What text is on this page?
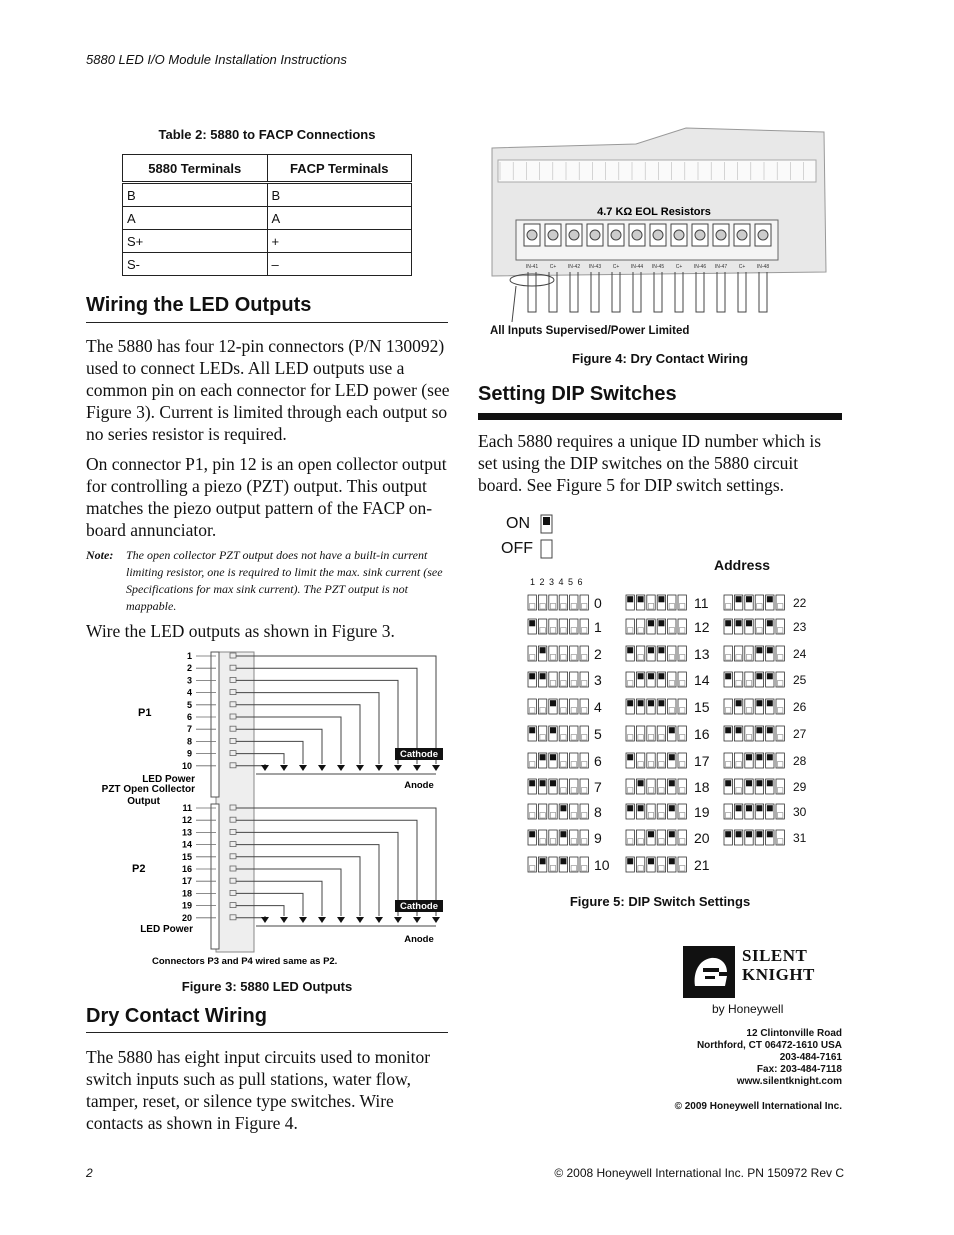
5880 LED I/O Module Installation Instructions
Table 2: 5880 to FACP Connections
5880 Terminals	FACP Terminals
B	B
A	A
S+	+
S-	–
Wiring the LED Outputs
The 5880 has four 12-pin connectors (P/N 130092) used to connect LEDs. All LED outputs use a common pin on each connector for LED power (see Figure 3). Current is limited through each output so no series resistor is required.
On connector P1, pin 12 is an open collector output for controlling a piezo (PZT) output. This output matches the piezo output pattern of the FACP on-board annunciator.
Note: The open collector PZT output does not have a built-in current limiting resistor, one is required to limit the max. sink current (see Specifications for max sink current). The PZT output is not mappable.
Wire the LED outputs as shown in Figure 3.
P1
P2
LED Power
PZT Open Collector
Output
LED Power
Cathode
Anode
Cathode
Anode
Connectors P3 and P4 wired same as P2.
1
2
3
4
5
6
7
8
9
10
11
12
13
14
15
16
17
18
19
20
Figure 3: 5880 LED Outputs
Dry Contact Wiring
The 5880 has eight input circuits used to monitor switch inputs such as pull stations, water flow, tamper, reset, or silence type switches. Wire contacts as shown in Figure 4.
4.7 KΩ EOL Resistors
IN-41 C+ IN-42 IN-43 C+ IN-44 IN-45 C+ IN-46 IN-47 C+ IN-48
All Inputs Supervised/Power Limited
Figure 4: Dry Contact Wiring
Setting DIP Switches
Each 5880 requires a unique ID number which is set using the DIP switches on the 5880 circuit board. See Figure 5 for DIP switch settings.
ON
OFF
Address
1 2 3 4 5 6
0
1
2
3
4
5
6
7
8
9
10
11
12
13
14
15
16
17
18
19
20
21
22
23
24
25
26
27
28
29
30
31
Figure 5: DIP Switch Settings
SILENT
KNIGHT
by Honeywell
12 Clintonville Road
Northford, CT 06472-1610 USA
203-484-7161
Fax: 203-484-7118
www.silentknight.com
© 2009 Honeywell International Inc.
2	© 2008 Honeywell International Inc. PN 150972 Rev C
